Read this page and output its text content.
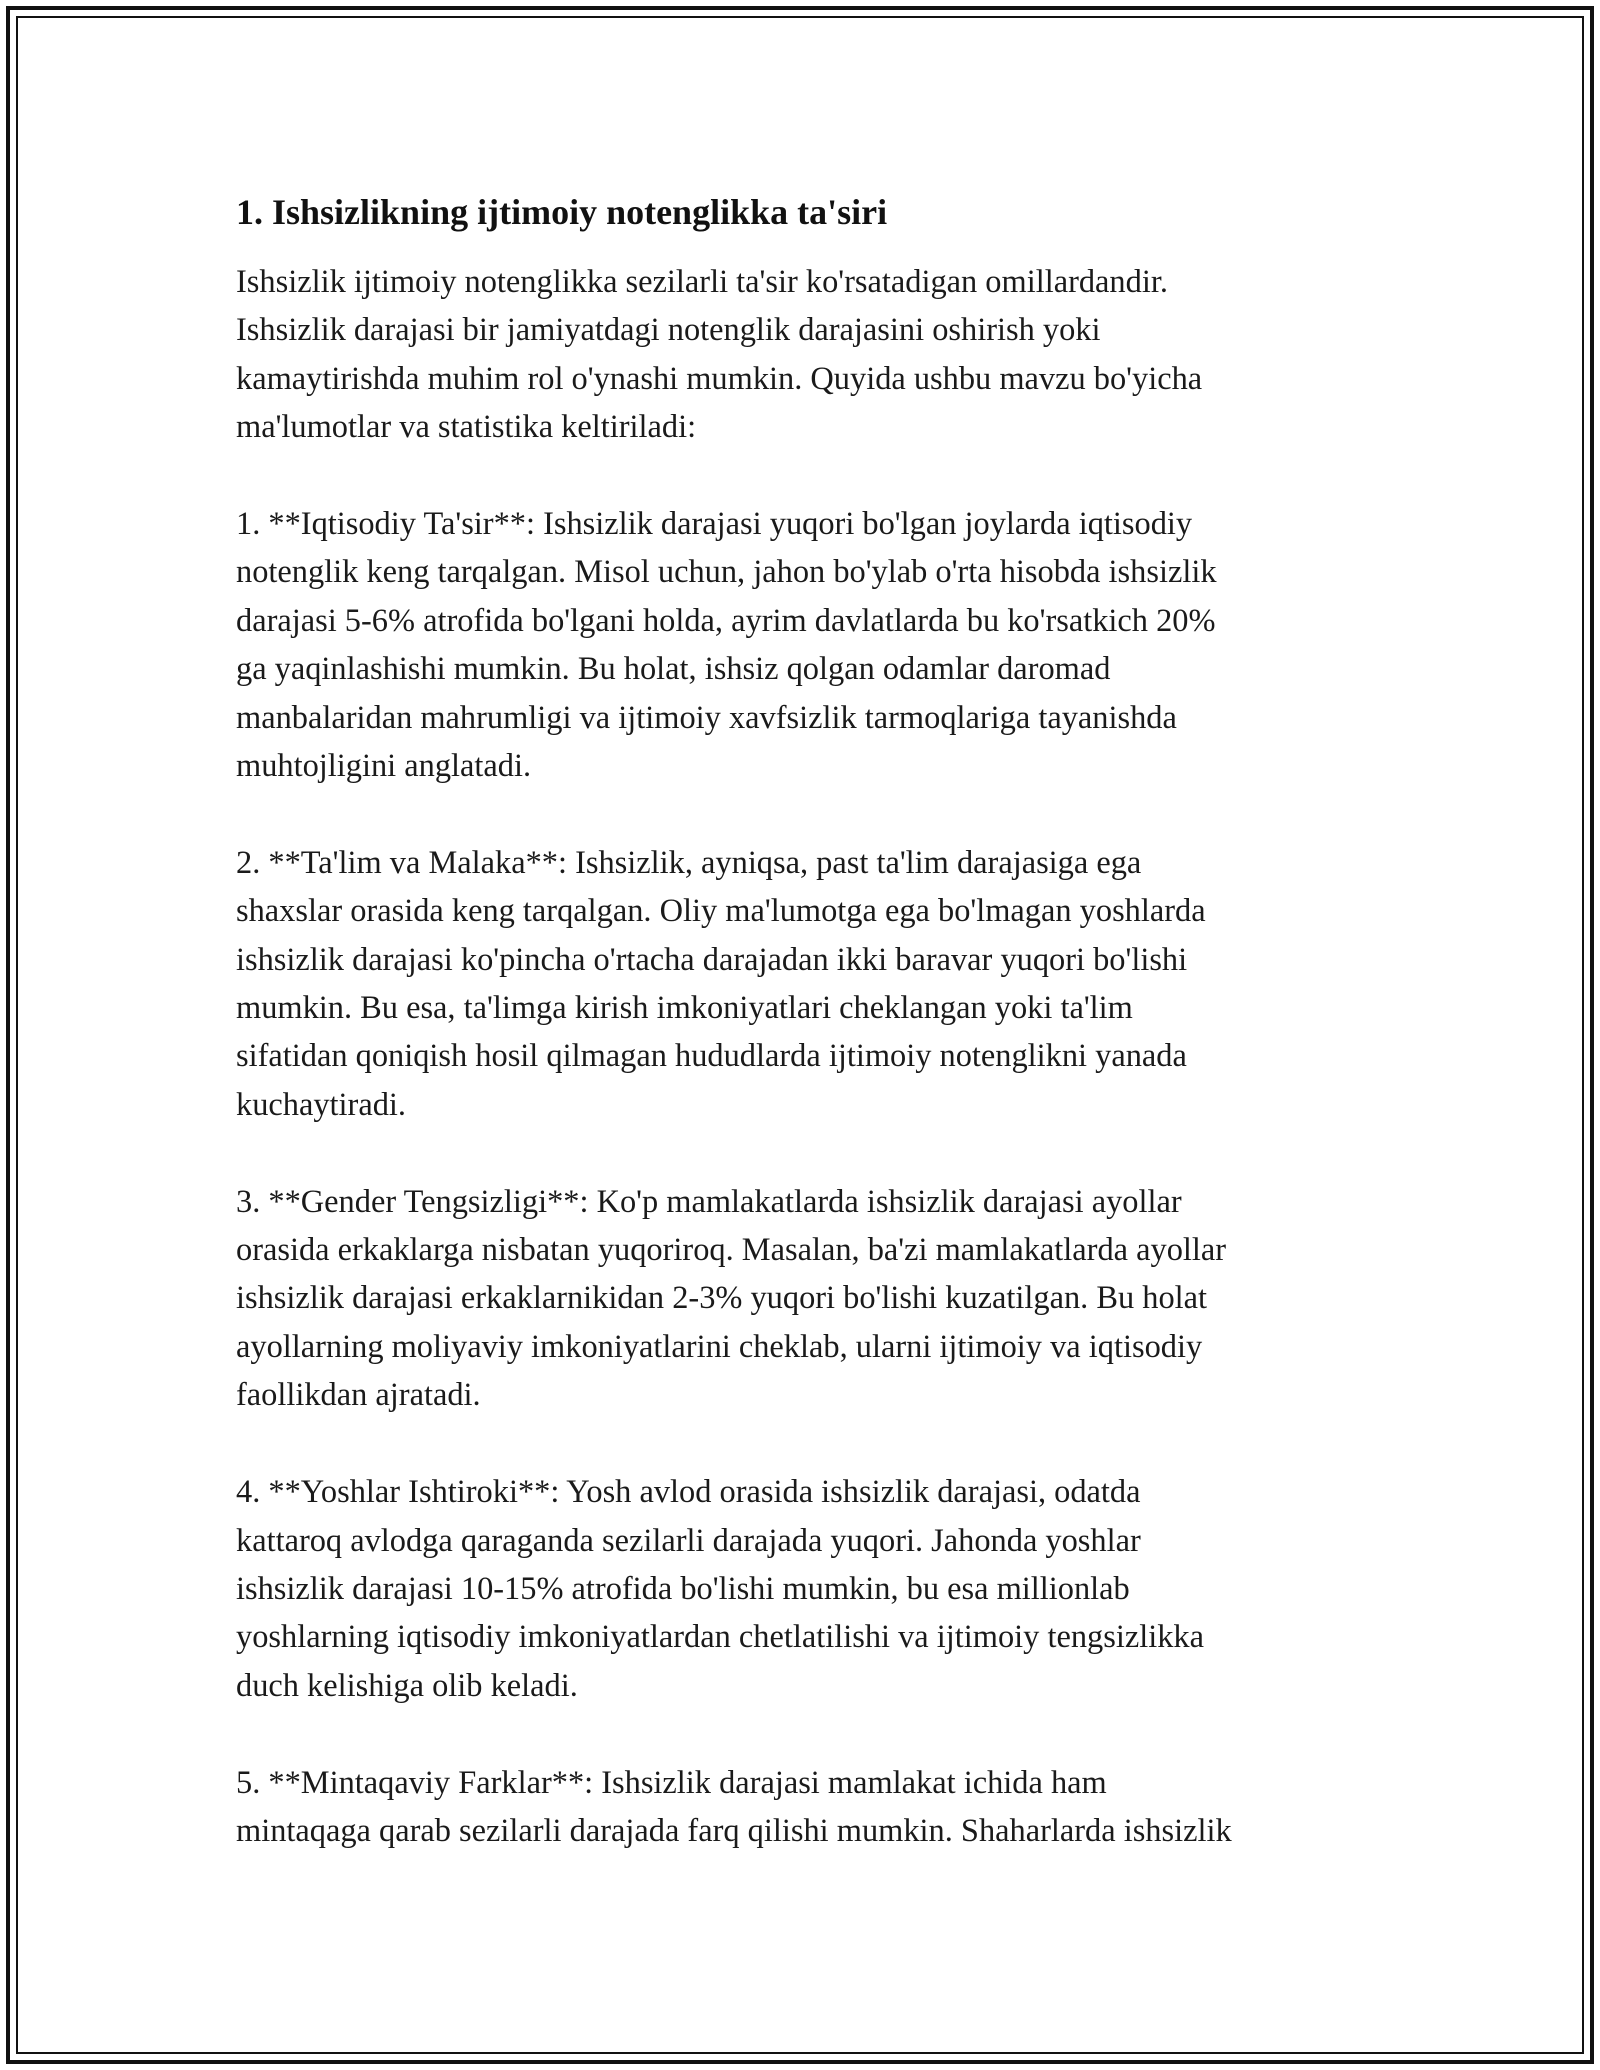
1. Ishsizlikning ijtimoiy notenglikka ta'siri

Ishsizlik ijtimoiy notenglikka sezilarli ta'sir ko'rsatadigan omillardandir.
Ishsizlik darajasi bir jamiyatdagi notenglik darajasini oshirish yoki
kamaytirishda muhim rol o'ynashi mumkin. Quyida ushbu mavzu bo'yicha
ma'lumotlar va statistika keltiriladi:

1. **Iqtisodiy Ta'sir**: Ishsizlik darajasi yuqori bo'lgan joylarda iqtisodiy
notenglik keng tarqalgan. Misol uchun, jahon bo'ylab o'rta hisobda ishsizlik
darajasi 5-6% atrofida bo'lgani holda, ayrim davlatlarda bu ko'rsatkich 20%
ga yaqinlashishi mumkin. Bu holat, ishsiz qolgan odamlar daromad
manbalaridan mahrumligi va ijtimoiy xavfsizlik tarmoqlariga tayanishda
muhtojligini anglatadi.

2. **Ta'lim va Malaka**: Ishsizlik, ayniqsa, past ta'lim darajasiga ega
shaxslar orasida keng tarqalgan. Oliy ma'lumotga ega bo'lmagan yoshlarda
ishsizlik darajasi ko'pincha o'rtacha darajadan ikki baravar yuqori bo'lishi
mumkin. Bu esa, ta'limga kirish imkoniyatlari cheklangan yoki ta'lim
sifatidan qoniqish hosil qilmagan hududlarda ijtimoiy notenglikni yanada
kuchaytiradi.

3. **Gender Tengsizligi**: Ko'p mamlakatlarda ishsizlik darajasi ayollar
orasida erkaklarga nisbatan yuqoriroq. Masalan, ba'zi mamlakatlarda ayollar
ishsizlik darajasi erkaklarnikidan 2-3% yuqori bo'lishi kuzatilgan. Bu holat
ayollarning moliyaviy imkoniyatlarini cheklab, ularni ijtimoiy va iqtisodiy
faollikdan ajratadi.

4. **Yoshlar Ishtiroki**: Yosh avlod orasida ishsizlik darajasi, odatda
kattaroq avlodga qaraganda sezilarli darajada yuqori. Jahonda yoshlar
ishsizlik darajasi 10-15% atrofida bo'lishi mumkin, bu esa millionlab
yoshlarning iqtisodiy imkoniyatlardan chetlatilishi va ijtimoiy tengsizlikka
duch kelishiga olib keladi.

5. **Mintaqaviy Farklar**: Ishsizlik darajasi mamlakat ichida ham
mintaqaga qarab sezilarli darajada farq qilishi mumkin. Shaharlarda ishsizlik
